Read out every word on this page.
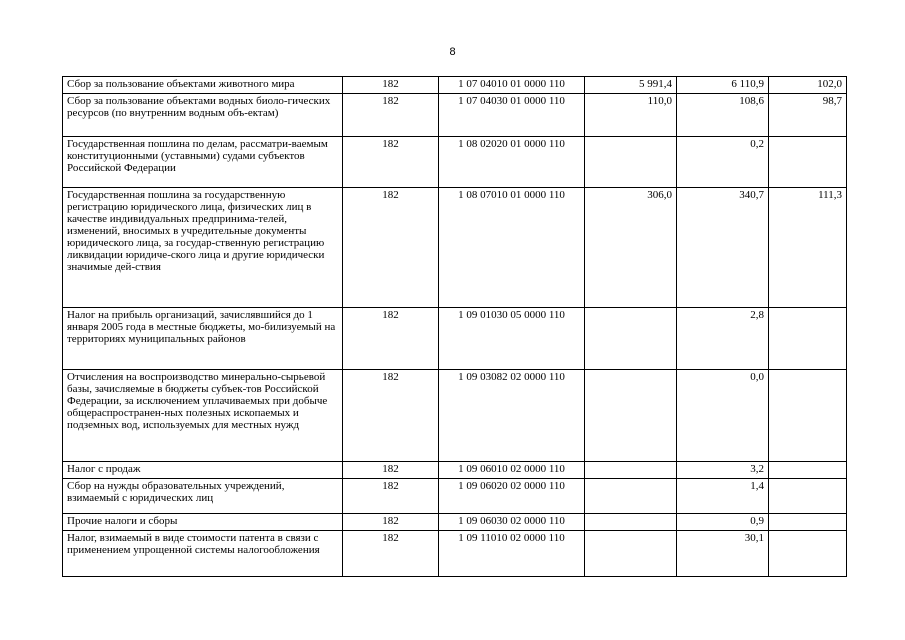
8
Сбор за пользование объектами животного мира	182	1 07 04010 01 0000 110	5 991,4	6 110,9	102,0
Сбор за пользование объектами водных биоло-гических ресурсов (по внутренним водным объ-ектам)	182	1 07 04030 01 0000 110	110,0	108,6	98,7
Государственная пошлина по делам, рассматри-ваемым конституционными (уставными) судами субъектов Российской Федерации	182	1 08 02020 01 0000 110		0,2	
Государственная пошлина за государственную регистрацию юридического лица, физических лиц в качестве индивидуальных предпринима-телей, изменений, вносимых в учредительные документы юридического лица, за государ-ственную регистрацию ликвидации юридиче-ского лица и другие юридически значимые дей-ствия	182	1 08 07010 01 0000 110	306,0	340,7	111,3
Налог на прибыль организаций, зачислявшийся до 1 января 2005 года в местные бюджеты, мо-билизуемый на территориях муниципальных районов	182	1 09 01030 05 0000 110		2,8	
Отчисления на воспроизводство минерально-сырьевой базы, зачисляемые в бюджеты субъек-тов Российской Федерации, за исключением уплачиваемых при добыче общераспространен-ных полезных ископаемых и подземных вод, используемых для местных нужд	182	1 09 03082 02 0000 110		0,0	
Налог с продаж	182	1 09 06010 02 0000 110		3,2	
Сбор на нужды образовательных учреждений, взимаемый с юридических лиц	182	1 09 06020 02 0000 110		1,4	
Прочие налоги и сборы	182	1 09 06030 02 0000 110		0,9	
Налог, взимаемый в виде стоимости патента в связи с применением упрощенной системы налогообложения	182	1 09 11010 02 0000 110		30,1	
